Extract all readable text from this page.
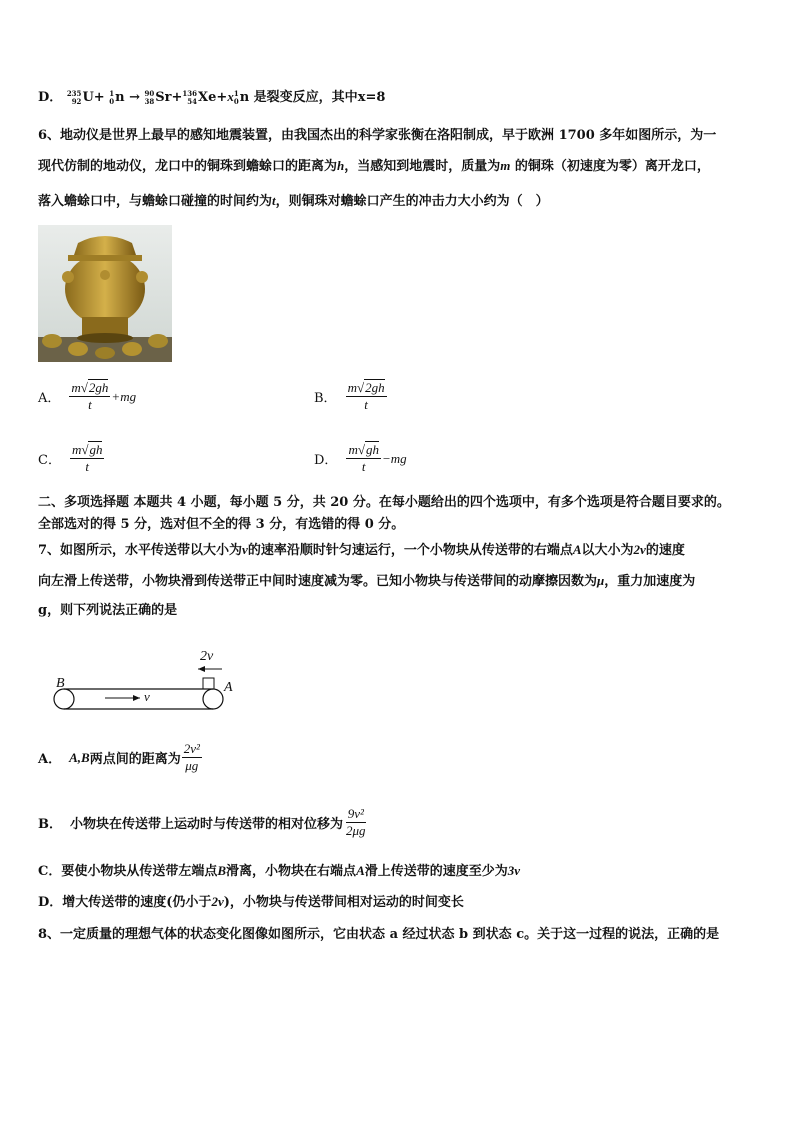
D． 235
92 U+ 1
0 n → 90
38 Sr+ 136
54 Xe+x 1
0 n 是裂变反应，其中x=8
6、地动仪是世界上最早的感知地震装置，由我国杰出的科学家张衡在洛阳制成，早于欧洲 1700 多年如图所示，为一
现代仿制的地动仪，龙口中的铜珠到蟾蜍口的距离为h，当感知到地震时，质量为m 的铜珠（初速度为零）离开龙口，
落入蟾蜍口中，与蟾蜍口碰撞的时间约为t，则铜珠对蟾蜍口产生的冲击力大小约为（　）
A． $\frac{m√2gh}{t} +mg$	B． $\frac{m√2gh}{t}$
C． $\frac{m√gh}{t}$	D． $\frac{m√gh}{t} -mg$
二、多项选择题 本题共 4 小题，每小题 5 分，共 20 分。在每小题给出的四个选项中，有多个选项是符合题目要求的。
全部选对的得 5 分，选对但不全的得 3 分，有选错的得 0 分。
7、如图所示，水平传送带以大小为v的速率沿顺时针匀速运行，一个小物块从传送带的右端点A以大小为2v的速度
向左滑上传送带，小物块滑到传送带正中间时速度减为零。已知小物块与传送带间的动摩擦因数为μ，重力加速度为
g，则下列说法正确的是
2v
B	A
v
A． A,B 两点间的距离为 $\frac{\text{2v²}}{\mu g}$
B． 小物块在传送带上运动时与传送带的相对位移为 $\frac{\text{9v²}}{2\mu g}$
C．要使小物块从传送带左端点B滑离，小物块在右端点A滑上传送带的速度至少为3v
D．增大传送带的速度(仍小于2v)，小物块与传送带间相对运动的时间变长
8、一定质量的理想气体的状态变化图像如图所示，它由状态 a 经过状态 b 到状态 c。关于这一过程的说法，正确的是
